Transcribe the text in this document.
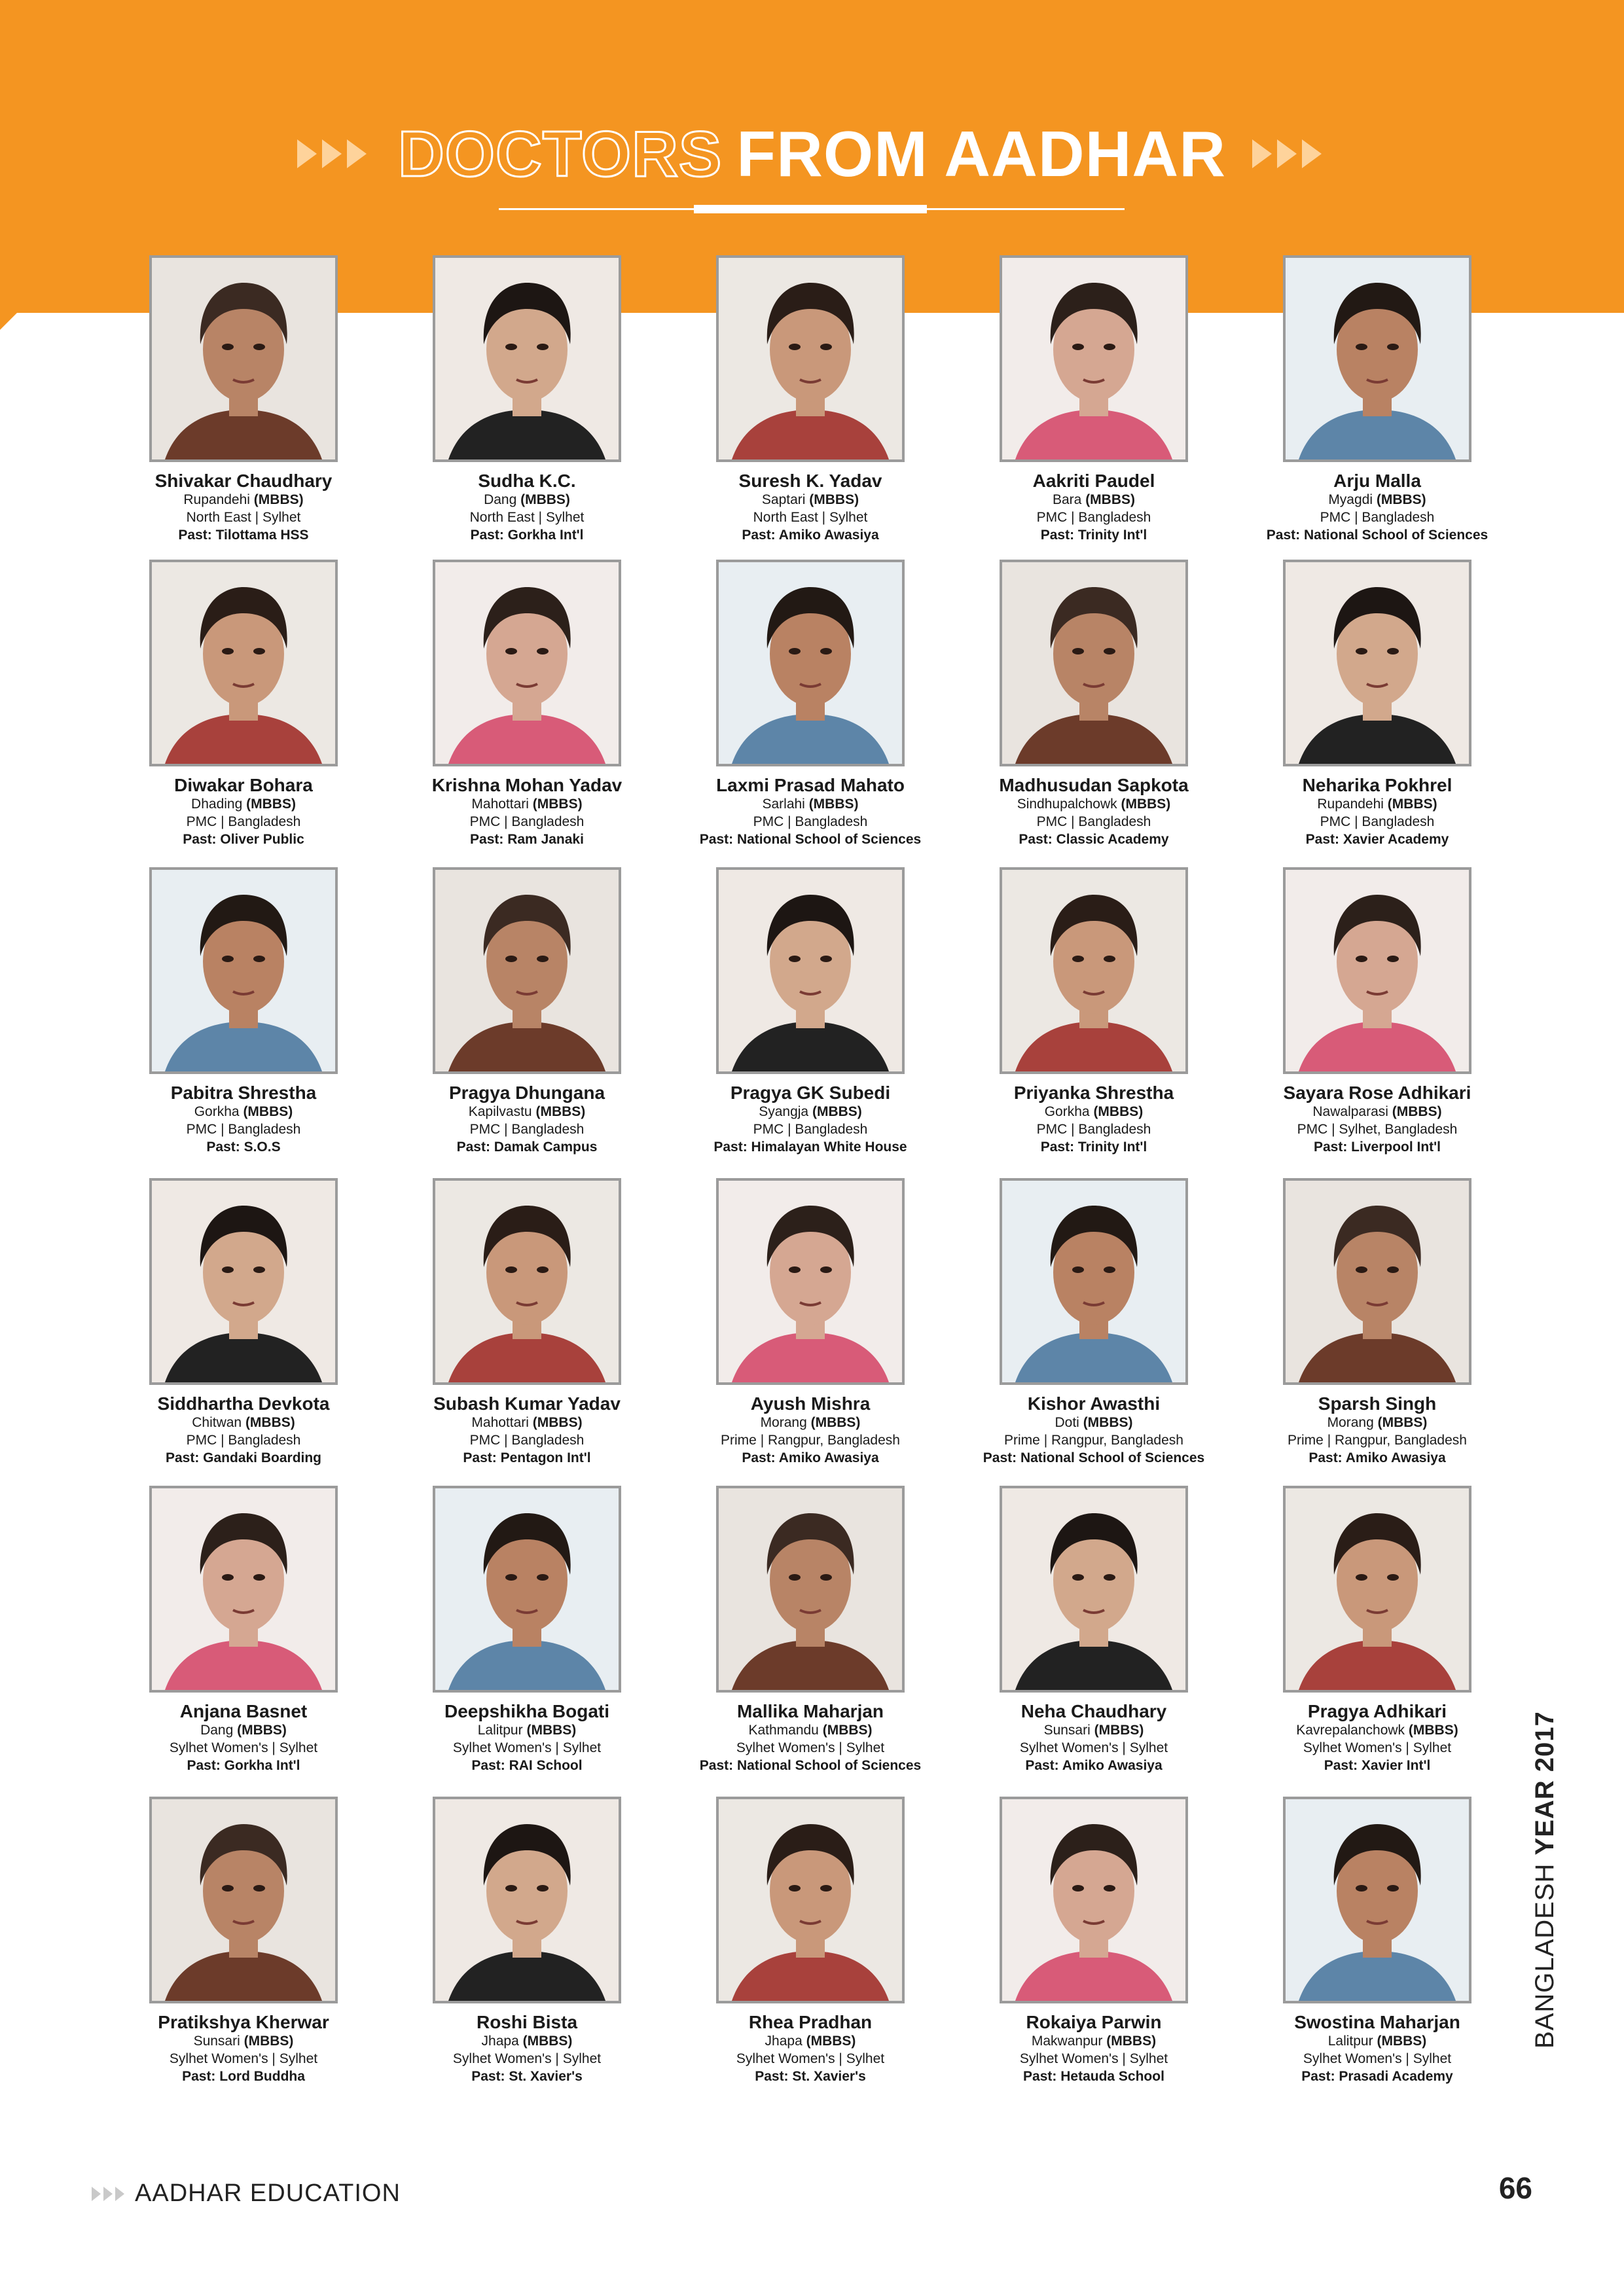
DOCTORS FROM AADHAR
Shivakar Chaudhary
Rupandehi (MBBS)
North East | Sylhet
Past: Tilottama HSS
Sudha K.C.
Dang (MBBS)
North East | Sylhet
Past: Gorkha Int'l
Suresh K. Yadav
Saptari (MBBS)
North East | Sylhet
Past: Amiko Awasiya
Aakriti Paudel
Bara (MBBS)
PMC | Bangladesh
Past: Trinity Int'l
Arju Malla
Myagdi (MBBS)
PMC | Bangladesh
Past: National School of Sciences
Diwakar Bohara
Dhading (MBBS)
PMC | Bangladesh
Past: Oliver Public
Krishna Mohan Yadav
Mahottari (MBBS)
PMC | Bangladesh
Past: Ram Janaki
Laxmi Prasad Mahato
Sarlahi (MBBS)
PMC | Bangladesh
Past: National School of Sciences
Madhusudan Sapkota
Sindhupalchowk (MBBS)
PMC | Bangladesh
Past: Classic Academy
Neharika Pokhrel
Rupandehi (MBBS)
PMC | Bangladesh
Past: Xavier Academy
Pabitra Shrestha
Gorkha (MBBS)
PMC | Bangladesh
Past: S.O.S
Pragya Dhungana
Kapilvastu (MBBS)
PMC | Bangladesh
Past: Damak Campus
Pragya GK Subedi
Syangja (MBBS)
PMC | Bangladesh
Past: Himalayan White House
Priyanka Shrestha
Gorkha (MBBS)
PMC | Bangladesh
Past: Trinity Int'l
Sayara Rose Adhikari
Nawalparasi (MBBS)
PMC | Sylhet, Bangladesh
Past: Liverpool Int'l
Siddhartha Devkota
Chitwan (MBBS)
PMC | Bangladesh
Past: Gandaki Boarding
Subash Kumar Yadav
Mahottari (MBBS)
PMC | Bangladesh
Past: Pentagon Int'l
Ayush Mishra
Morang (MBBS)
Prime | Rangpur, Bangladesh
Past: Amiko Awasiya
Kishor Awasthi
Doti (MBBS)
Prime | Rangpur, Bangladesh
Past: National School of Sciences
Sparsh Singh
Morang (MBBS)
Prime | Rangpur, Bangladesh
Past: Amiko Awasiya
Anjana Basnet
Dang (MBBS)
Sylhet Women's | Sylhet
Past: Gorkha Int'l
Deepshikha Bogati
Lalitpur (MBBS)
Sylhet Women's | Sylhet
Past: RAI School
Mallika Maharjan
Kathmandu (MBBS)
Sylhet Women's | Sylhet
Past: National School of Sciences
Neha Chaudhary
Sunsari (MBBS)
Sylhet Women's | Sylhet
Past: Amiko Awasiya
Pragya Adhikari
Kavrepalanchowk (MBBS)
Sylhet Women's | Sylhet
Past: Xavier Int'l
Pratikshya Kherwar
Sunsari (MBBS)
Sylhet Women's | Sylhet
Past: Lord Buddha
Roshi Bista
Jhapa (MBBS)
Sylhet Women's | Sylhet
Past: St. Xavier's
Rhea Pradhan
Jhapa (MBBS)
Sylhet Women's | Sylhet
Past: St. Xavier's
Rokaiya Parwin
Makwanpur (MBBS)
Sylhet Women's | Sylhet
Past: Hetauda School
Swostina Maharjan
Lalitpur (MBBS)
Sylhet Women's | Sylhet
Past: Prasadi Academy
AADHAR EDUCATION	66
BANGLADESH YEAR 2017
